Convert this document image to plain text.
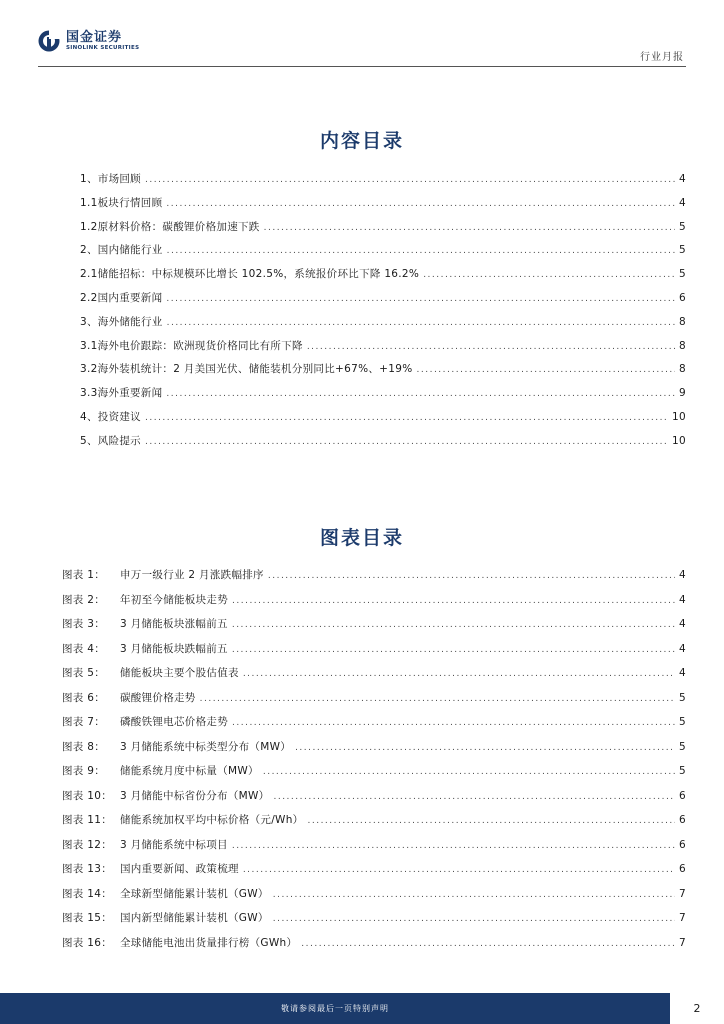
国金证券
SINOLINK SECURITIES
行业月报
内容目录
1、 市场回顾 .....	4
1.1 板块行情回顾 .....	4
1.2 原材料价格：碳酸锂价格加速下跌 .....	5
2、 国内储能行业 .....	5
2.1 储能招标：中标规模环比增长 102.5%，系统报价环比下降 16.2% .....	5
2.2 国内重要新闻 .....	6
3、 海外储能行业 .....	8
3.1 海外电价跟踪：欧洲现货价格同比有所下降 .....	8
3.2 海外装机统计：2 月美国光伏、储能装机分别同比+67%、+19% .....	8
3.3 海外重要新闻 .....	9
4、 投资建议 .....	10
5、 风险提示 .....	10
图表目录
图表 1：	申万一级行业 2 月涨跌幅排序 .....	4
图表 2：	年初至今储能板块走势 .....	4
图表 3：	3 月储能板块涨幅前五 .....	4
图表 4：	3 月储能板块跌幅前五 .....	4
图表 5：	储能板块主要个股估值表 .....	4
图表 6：	碳酸锂价格走势 .....	5
图表 7：	磷酸铁锂电芯价格走势 .....	5
图表 8：	3 月储能系统中标类型分布（MW） .....	5
图表 9：	储能系统月度中标量（MW） .....	5
图表 10： 3 月储能中标省份分布（MW） .....	6
图表 11： 储能系统加权平均中标价格（元/Wh） .....	6
图表 12： 3 月储能系统中标项目 .....	6
图表 13： 国内重要新闻、政策梳理 .....	6
图表 14： 全球新型储能累计装机（GW） .....	7
图表 15： 国内新型储能累计装机（GW） .....	7
图表 16： 全球储能电池出货量排行榜（GWh） .....	7
敬请参阅最后一页特别声明	2
